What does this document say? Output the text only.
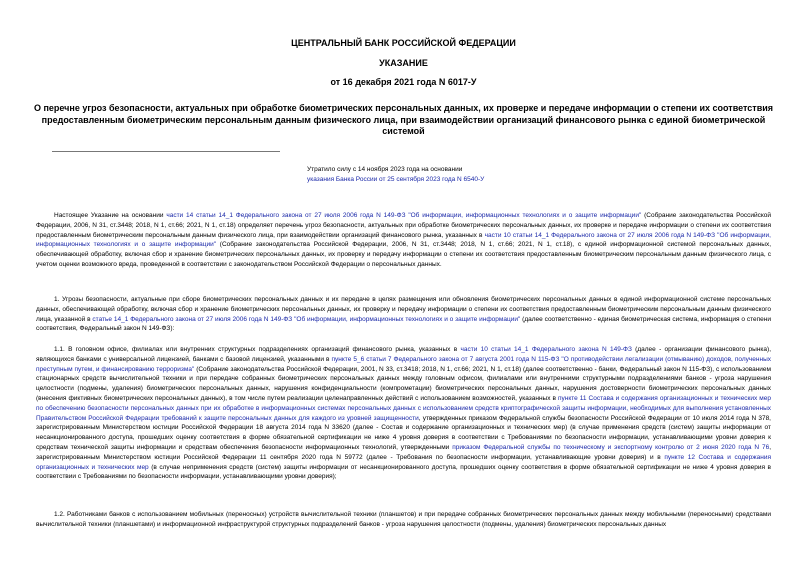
ЦЕНТРАЛЬНЫЙ БАНК РОССИЙСКОЙ ФЕДЕРАЦИИ
УКАЗАНИЕ
от 16 декабря 2021 года N 6017-У
О перечне угроз безопасности, актуальных при обработке биометрических персональных данных, их проверке и передаче информации о степени их соответствия предоставленным биометрическим персональным данным физического лица, при взаимодействии организаций финансового рынка с единой биометрической системой
Утратило силу с 14 ноября 2023 года на основании
указания Банка России от 25 сентября 2023 года N 6540-У

Настоящее Указание на основании части 14 статьи 14_1 Федерального закона от 27 июля 2006 года N 149-ФЗ "Об информации, информационных технологиях и о защите информации" (Собрание законодательства Российской Федерации, 2006, N 31, ст.3448; 2018, N 1, ст.66; 2021, N 1, ст.18) определяет перечень угроз безопасности, актуальных при обработке биометрических персональных данных, их проверке и передаче информации о степени их соответствия предоставленным биометрическим персональным данным физического лица, при взаимодействии организаций финансового рынка, указанных в части 10 статьи 14_1 Федерального закона от 27 июля 2006 года N 149-ФЗ "Об информации, информационных технологиях и о защите информации" (Собрание законодательства Российской Федерации, 2006, N 31, ст.3448; 2018, N 1, ст.66; 2021, N 1, ст.18), с единой информационной системой персональных данных, обеспечивающей обработку, включая сбор и хранение биометрических персональных данных, их проверку и передачу информации о степени их соответствия предоставленным биометрическим персональным данным физического лица, с учетом оценки возможного вреда, проведенной в соответствии с законодательством Российской Федерации о персональных данных.

1. Угрозы безопасности, актуальные при сборе биометрических персональных данных и их передаче в целях размещения или обновления биометрических персональных данных в единой информационной системе персональных данных, обеспечивающей обработку, включая сбор и хранение биометрических персональных данных, их проверку и передачу информации о степени их соответствия предоставленным биометрическим персональным данным физического лица, указанной в статье 14_1 Федерального закона от 27 июля 2006 года N 149-ФЗ "Об информации, информационных технологиях и о защите информации" (далее соответственно - единая биометрическая система, информация о степени соответствия, Федеральный закон N 149-ФЗ):

1.1. В головном офисе, филиалах или внутренних структурных подразделениях организаций финансового рынка, указанных в части 10 статьи 14_1 Федерального закона N 149-ФЗ (далее - организации финансового рынка), являющихся банками с универсальной лицензией, банками с базовой лицензией, указанными в пункте 5_6 статьи 7 Федерального закона от 7 августа 2001 года N 115-ФЗ "О противодействии легализации (отмыванию) доходов, полученных преступным путем, и финансированию терроризма" (Собрание законодательства Российской Федерации, 2001, N 33, ст.3418; 2018, N 1, ст.66; 2021, N 1, ст.18) (далее соответственно - банки, Федеральный закон N 115-ФЗ), с использованием стационарных средств вычислительной техники и при передаче собранных биометрических персональных данных между головным офисом, филиалами или внутренними структурными подразделениями банков - угроза нарушения целостности (подмены, удаления) биометрических персональных данных, нарушения конфиденциальности (компрометации) биометрических персональных данных, нарушения достоверности биометрических персональных данных (внесения фиктивных биометрических персональных данных), в том числе путем реализации целенаправленных действий с использованием возможностей, указанных в пункте 11 Состава и содержания организационных и технических мер по обеспечению безопасности персональных данных при их обработке в информационных системах персональных данных с использованием средств криптографической защиты информации, необходимых для выполнения установленных Правительством Российской Федерации требований к защите персональных данных для каждого из уровней защищенности, утвержденных приказом Федеральной службы безопасности Российской Федерации от 10 июля 2014 года N 378, зарегистрированным Министерством юстиции Российской Федерации 18 августа 2014 года N 33620 (далее - Состав и содержание организационных и технических мер) (в случае применения средств (систем) защиты информации от несанкционированного доступа, прошедших оценку соответствия в форме обязательной сертификации не ниже 4 уровня доверия в соответствии с Требованиями по безопасности информации, устанавливающими уровни доверия к средствам технической защиты информации и средствам обеспечения безопасности информационных технологий, утвержденными приказом Федеральной службы по техническому и экспортному контролю от 2 июня 2020 года N 76, зарегистрированным Министерством юстиции Российской Федерации 11 сентября 2020 года N 59772 (далее - Требования по безопасности информации, устанавливающие уровни доверия) и в пункте 12 Состава и содержания организационных и технических мер (в случае неприменения средств (систем) защиты информации от несанкционированного доступа, прошедших оценку соответствия в форме обязательной сертификации не ниже 4 уровня доверия в соответствии с Требованиями по безопасности информации, устанавливающими уровни доверия);

1.2. Работниками банков с использованием мобильных (переносных) устройств вычислительной техники (планшетов) и при передаче собранных биометрических персональных данных между мобильными (переносными) средствами вычислительной техники (планшетами) и информационной инфраструктурой структурных подразделений банков - угроза нарушения целостности (подмены, удаления) биометрических персональных данных
